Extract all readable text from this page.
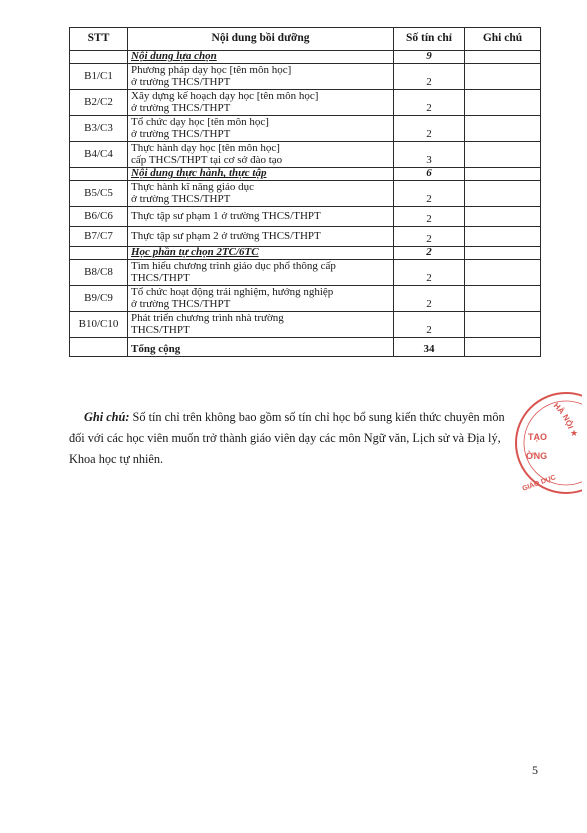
STT	Nội dung bồi dưỡng	Số tín chỉ	Ghi chú

	Nội dung lựa chọn	9	
B1/C1	Phương pháp dạy học [tên môn học]
ở trường THCS/THPT	2	
B2/C2	Xây dựng kế hoạch dạy học [tên môn học]
ở trường THCS/THPT	2	
B3/C3	Tổ chức dạy học [tên môn học]
ở trường THCS/THPT	2	
B4/C4	Thực hành dạy học [tên môn học]
cấp THCS/THPT tại cơ sở đào tạo	3	

	Nội dung thực hành, thực tập	6	
B5/C5	Thực hành kĩ năng giáo dục
ở trường THCS/THPT	2	
B6/C6	Thực tập sư phạm 1 ở trường THCS/THPT	2	
B7/C7	Thực tập sư phạm 2 ở trường THCS/THPT	2	

	Học phần tự chọn 2TC/6TC	2	
B8/C8	Tìm hiểu chương trình giáo dục phổ thông cấp
THCS/THPT	2	
B9/C9	Tổ chức hoạt động trải nghiệm, hướng nghiệp
ở trường THCS/THPT	2	
B10/C10	Phát triển chương trình nhà trường
THCS/THPT	2	

	Tổng cộng	34	
Ghi chú: Số tín chỉ trên không bao gồm số tín chỉ học bổ sung kiến thức chuyên môn
đối với các học viên muốn trở thành giáo viên dạy các môn Ngữ văn, Lịch sử và Địa lý,
Khoa học tự nhiên.
HÀ NỘI
TẠO
ỜNG
GIÁO DỤC
★
5
